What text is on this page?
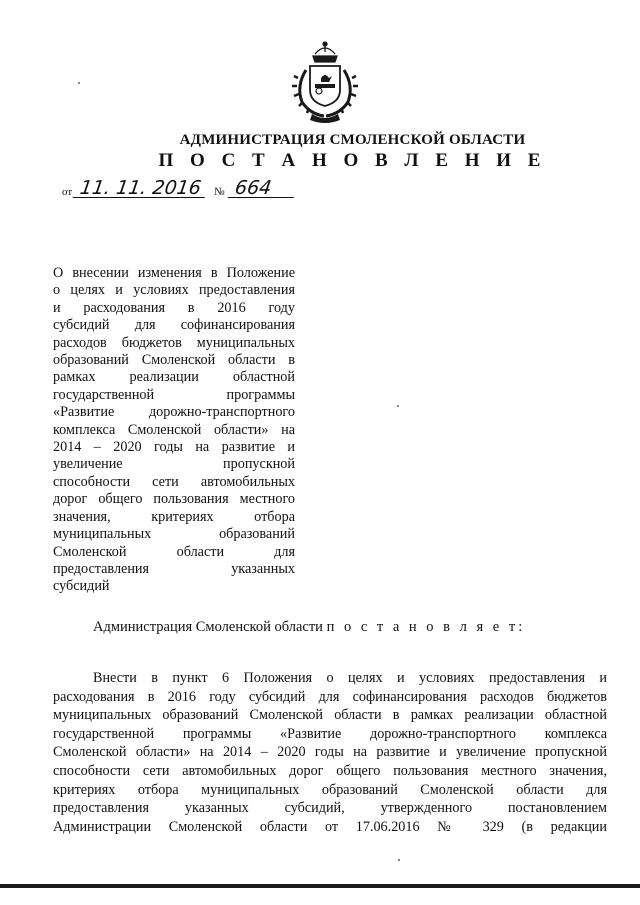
АДМИНИСТРАЦИЯ СМОЛЕНСКОЙ ОБЛАСТИ
П О С Т А Н О В Л Е Н И Е
от 11. 11. 2016	№ 664
О внесении изменения в Положение
о целях и условиях предоставления
и расходования в 2016 году
субсидий для софинансирования
расходов бюджетов муниципальных
образований Смоленской области в
рамках реализации областной
государственной программы
«Развитие дорожно-транспортного
комплекса Смоленской области» на
2014 – 2020 годы на развитие и
увеличение пропускной
способности сети автомобильных
дорог общего пользования местного
значения, критериях отбора
муниципальных образований
Смоленской области для
предоставления указанных
субсидий
Администрация Смоленской области п о с т а н о в л я е т:
Внести в пункт 6 Положения о целях и условиях предоставления и
расходования в 2016 году субсидий для софинансирования расходов бюджетов
муниципальных образований Смоленской области в рамках реализации областной
государственной программы «Развитие дорожно-транспортного комплекса
Смоленской области» на 2014 – 2020 годы на развитие и увеличение пропускной
способности сети автомобильных дорог общего пользования местного значения,
критериях отбора муниципальных образований Смоленской области для
предоставления указанных субсидий, утвержденного постановлением
Администрации Смоленской области от 17.06.2016 № 329 (в редакции
